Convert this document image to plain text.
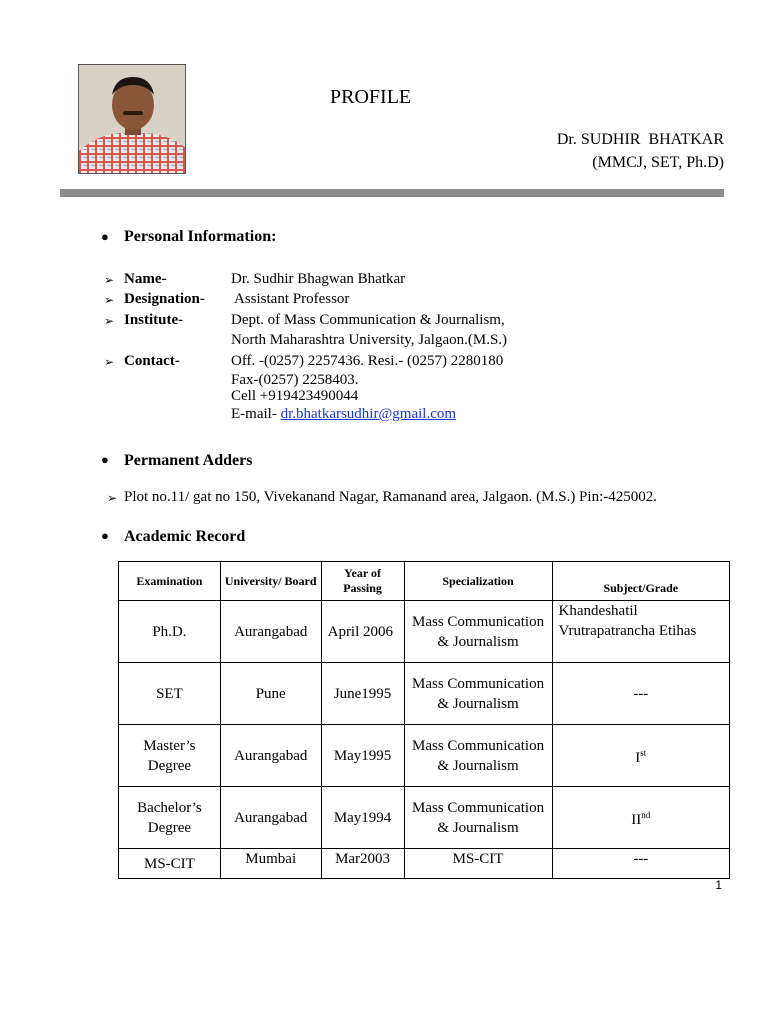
PROFILE
Dr. SUDHIR  BHATKAR
(MMCJ, SET, Ph.D)
● Personal Information:
➢ Name-	Dr. Sudhir Bhagwan Bhatkar
➢ Designation- Assistant Professor
➢ Institute-	Dept. of Mass Communication & Journalism,
North Maharashtra University, Jalgaon.(M.S.)
➢ Contact-	Off. -(0257) 2257436. Resi.- (0257) 2280180
Fax-(0257) 2258403.
Cell +919423490044
E-mail- dr.bhatkarsudhir@gmail.com
● Permanent Adders
➢ Plot no.11/ gat no 150, Vivekanand Nagar, Ramanand area, Jalgaon. (M.S.) Pin:-425002.
● Academic Record
Examination	University/ Board	Year of Passing	Specialization	Subject/Grade
Ph.D.	Aurangabad	April 2006	Mass Communication & Journalism	Khandeshatil Vrutrapatrancha Etihas
SET	Pune	June1995	Mass Communication & Journalism	---
Master’s Degree	Aurangabad	May1995	Mass Communication & Journalism	Ist
Bachelor’s Degree	Aurangabad	May1994	Mass Communication & Journalism	IInd
MS-CIT	Mumbai	Mar2003	MS-CIT	---
1
